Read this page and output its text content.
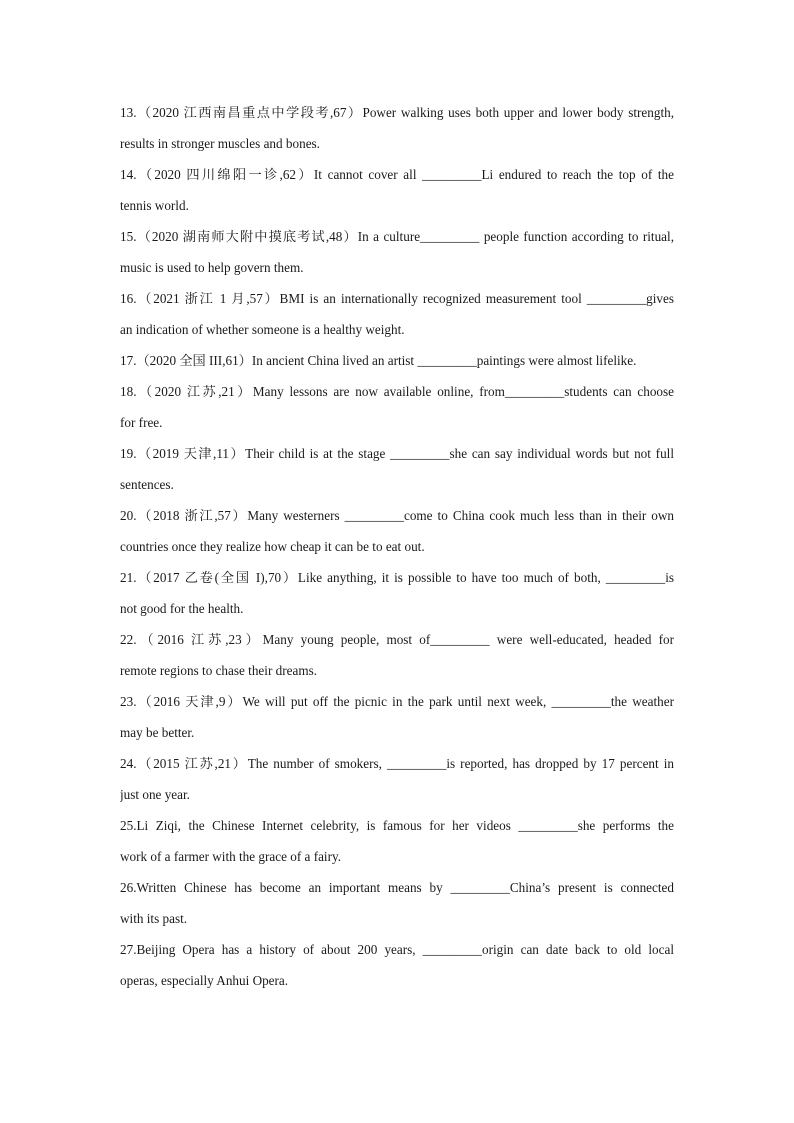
13.（2020 江西南昌重点中学段考,67）Power walking uses both upper and lower body strength,
results in stronger muscles and bones.
14.（2020 四川绵阳一诊,62）It cannot cover all _________Li endured to reach the top of the
tennis world.
15.（2020 湖南师大附中摸底考试,48）In a culture_________ people function according to ritual,
music is used to help govern them.
16.（2021 浙江 1 月,57）BMI is an internationally recognized measurement tool _________gives
an indication of whether someone is a healthy weight.
17.（2020 全国 III,61）In ancient China lived an artist _________paintings were almost lifelike.
18.（2020 江苏,21）Many lessons are now available online, from_________students can choose
for free.
19.（2019 天津,11）Their child is at the stage _________she can say individual words but not full
sentences.
20.（2018 浙江,57）Many westerners _________come to China cook much less than in their own
countries once they realize how cheap it can be to eat out.
21.（2017 乙卷(全国 I),70）Like anything, it is possible to have too much of both, _________is
not good for the health.
22.（2016 江苏,23）Many young people, most of_________ were well-educated, headed for
remote regions to chase their dreams.
23.（2016 天津,9）We will put off the picnic in the park until next week, _________the weather
may be better.
24.（2015 江苏,21）The number of smokers, _________is reported, has dropped by 17 percent in
just one year.
25.Li Ziqi, the Chinese Internet celebrity, is famous for her videos _________she performs the
work of a farmer with the grace of a fairy.
26.Written Chinese has become an important means by _________China’s present is connected
with its past.
27.Beijing Opera has a history of about 200 years, _________origin can date back to old local
operas, especially Anhui Opera.
